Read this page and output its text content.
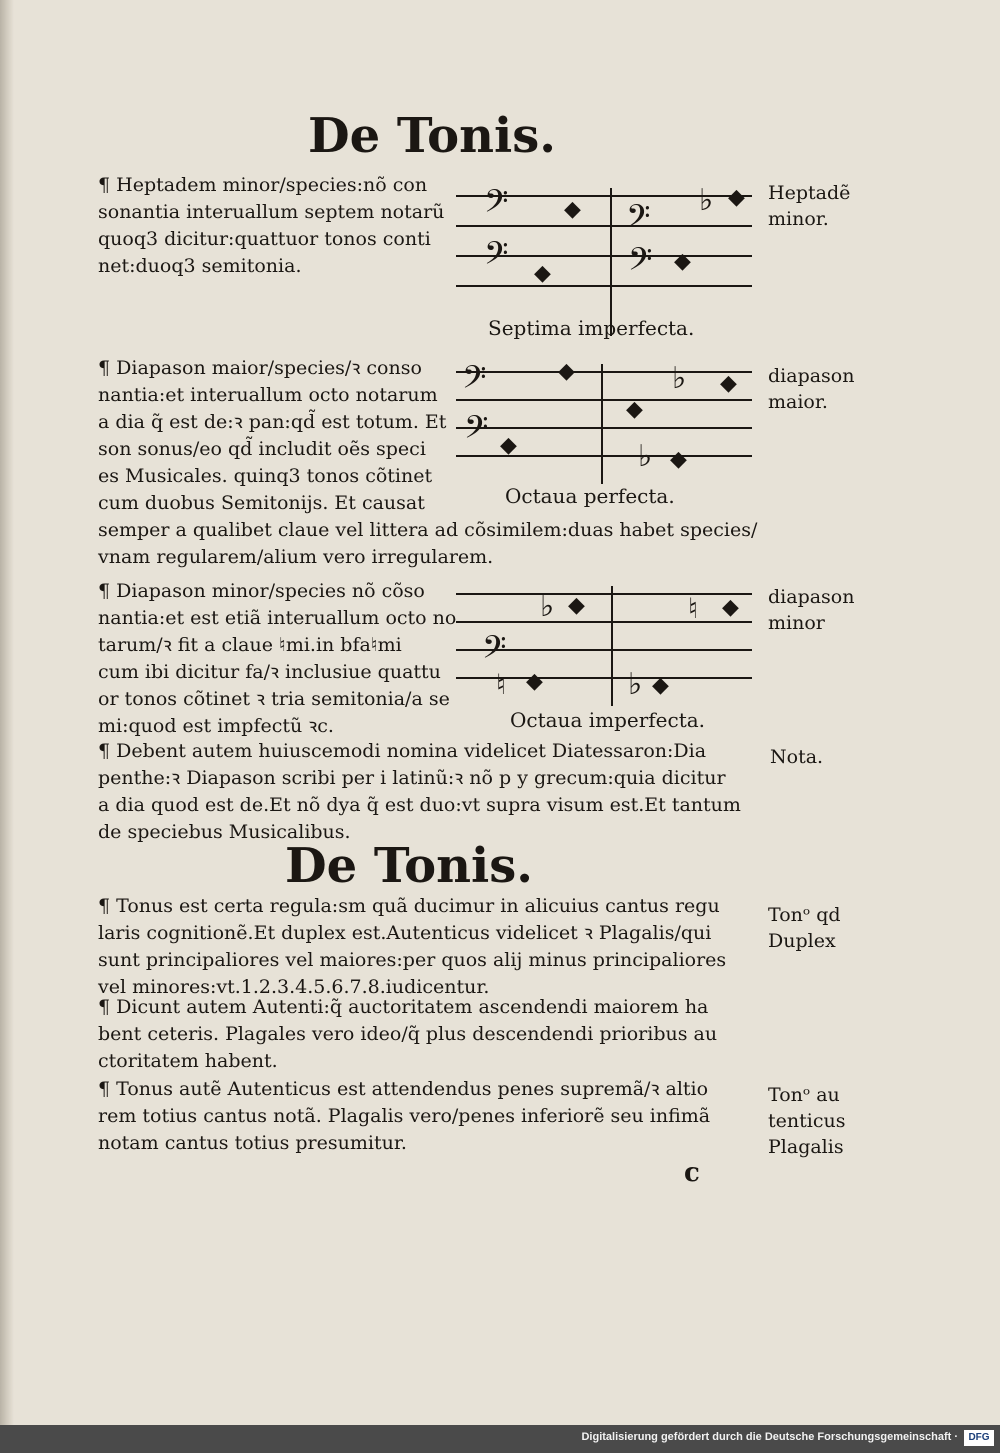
De Tonis.

¶ Heptadem minor/species:nõ con
sonantia interuallum septem notarũ
quoq3 dicitur:quattuor tonos conti
net:duoq3 semitonia.

𝄢
𝄢
◆
◆
𝄢
𝄢
♭ ◆
◆
Septima imperfecta.

¶ Diapason maior/species/ꝛ conso
nantia:et interuallum octo notarum
a dia q̃ est de:ꝛ pan:qd̃ est totum. Et
son sonus/eo qd̃ includit oẽs speci
es Musicales. quinq3 tonos cõtinet
cum duobus Semitonijs. Et causat

𝄢
𝄢
◆
◆
♭ ◆
◆
♭ ◆
Octaua perfecta.

semper a qualibet claue vel littera ad cõsimilem:duas habet species/
vnam regularem/alium vero irregularem.

¶ Diapason minor/species nõ cõso
nantia:et est etiã interuallum octo no
tarum/ꝛ fit a claue ♮mi.in bfa♮mi
cum ibi dicitur fa/ꝛ inclusiue quattu
or tonos cõtinet ꝛ tria semitonia/a se
mi:quod est impfectũ ꝛc.

𝄢
♮ ◆
♭ ◆	♮ ◆
♭ ◆
Octaua imperfecta.

¶ Debent autem huiuscemodi nomina videlicet Diatessaron:Dia
penthe:ꝛ Diapason scribi per i latinũ:ꝛ nõ p y grecum:quia dicitur
a dia quod est de.Et nõ dya q̃ est duo:vt supra visum est.Et tantum
de speciebus Musicalibus.

De Tonis.

¶ Tonus est certa regula:sm quã ducimur in alicuius cantus regu
laris cognitionẽ.Et duplex est.Autenticus videlicet ꝛ Plagalis/qui
sunt principaliores vel maiores:per quos alij minus principaliores
vel minores:vt.1.2.3.4.5.6.7.8.iudicentur.

¶ Dicunt autem Autenti:q̃ auctoritatem ascendendi maiorem ha
bent ceteris. Plagales vero ideo/q̃ plus descendendi prioribus au
ctoritatem habent.

¶ Tonus autẽ Autenticus est attendendus penes supremã/ꝛ altio
rem totius cantus notã. Plagalis vero/penes inferiorẽ seu infimã
notam cantus totius presumitur.

Heptadẽ
minor.

diapason
maior.

diapason
minor

Nota.

Tonᵒ qd
Duplex

Tonᵒ au
tenticus
Plagalis

c
Digitalisierung gefördert durch die Deutsche Forschungsgemeinschaft ·	DFG
